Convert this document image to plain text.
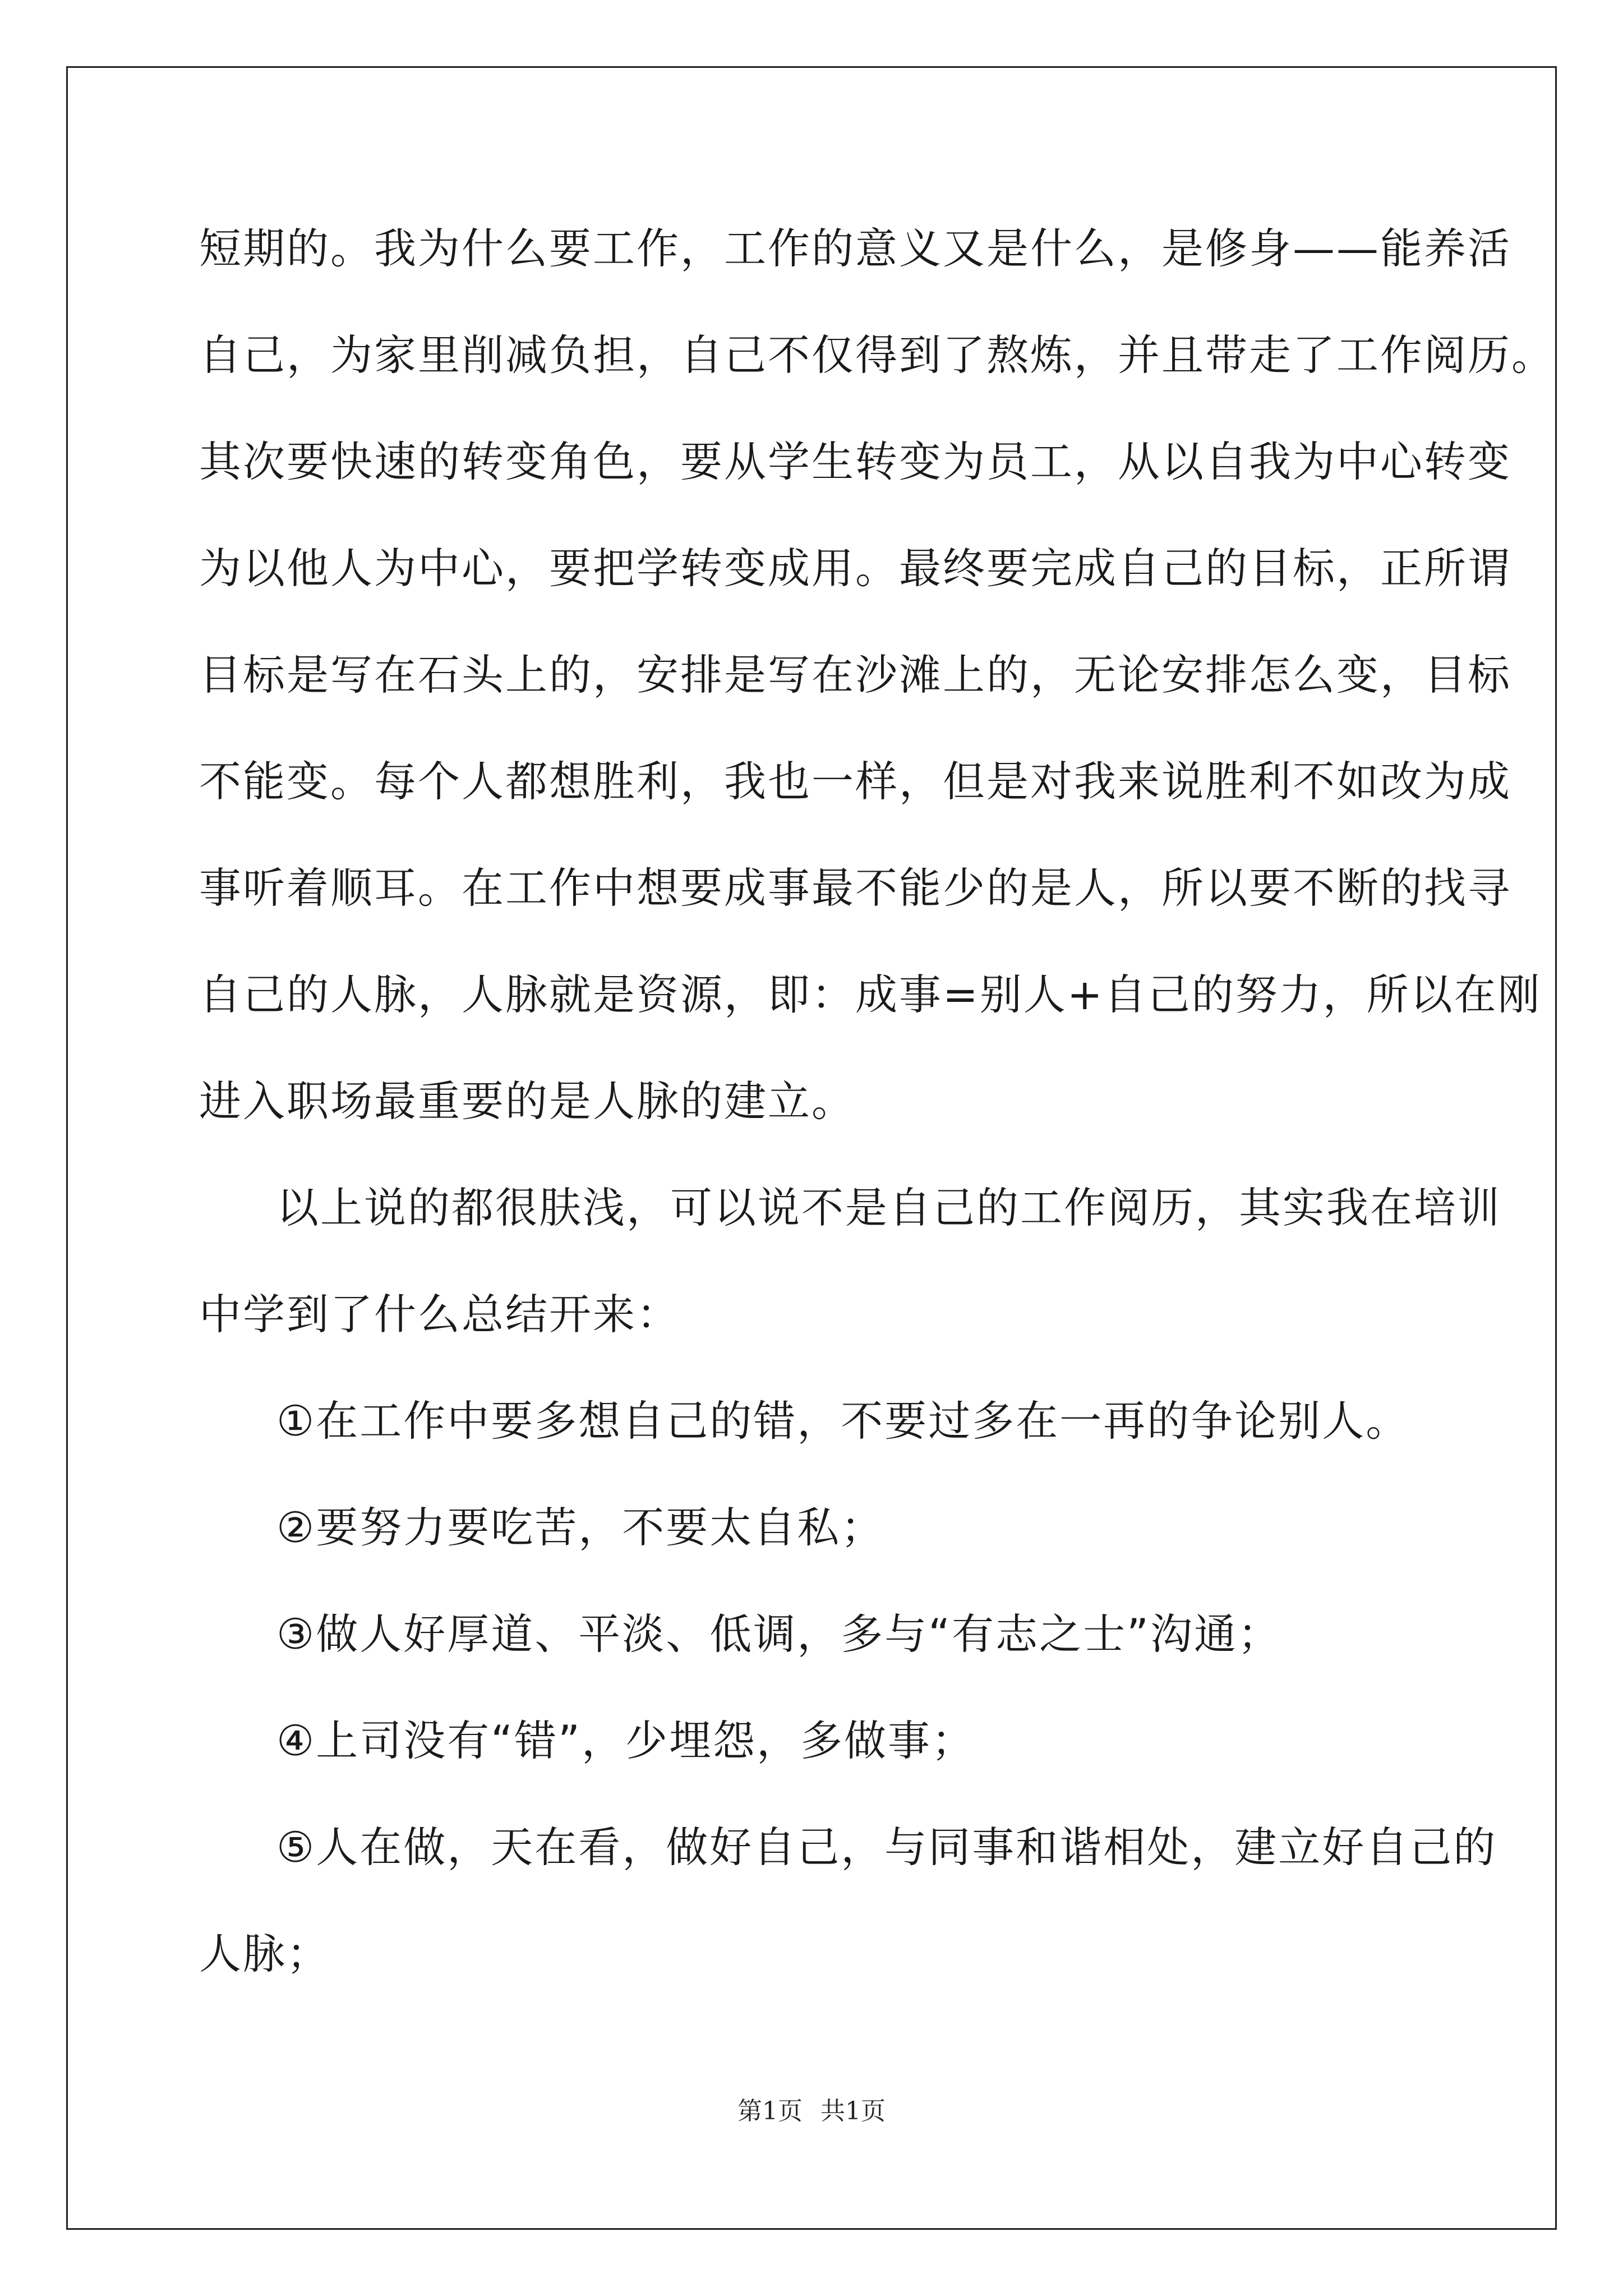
短期的。我为什么要工作，工作的意义又是什么，是修身——能养活
自己，为家里削减负担，自己不仅得到了熬炼，并且带走了工作阅历。
其次要快速的转变角色，要从学生转变为员工，从以自我为中心转变
为以他人为中心，要把学转变成用。最终要完成自己的目标，正所谓
目标是写在石头上的，安排是写在沙滩上的，无论安排怎么变，目标
不能变。每个人都想胜利，我也一样，但是对我来说胜利不如改为成
事听着顺耳。在工作中想要成事最不能少的是人，所以要不断的找寻
自己的人脉，人脉就是资源，即：成事=别人+自己的努力，所以在刚
进入职场最重要的是人脉的建立。
以上说的都很肤浅，可以说不是自己的工作阅历，其实我在培训
中学到了什么总结开来：
①在工作中要多想自己的错，不要过多在一再的争论别人。
②要努力要吃苦，不要太自私；
③做人好厚道、平淡、低调，多与“有志之士”沟通；
④上司没有“错”，少埋怨，多做事；
⑤人在做，天在看，做好自己，与同事和谐相处，建立好自己的
人脉；
第1页 共1页
